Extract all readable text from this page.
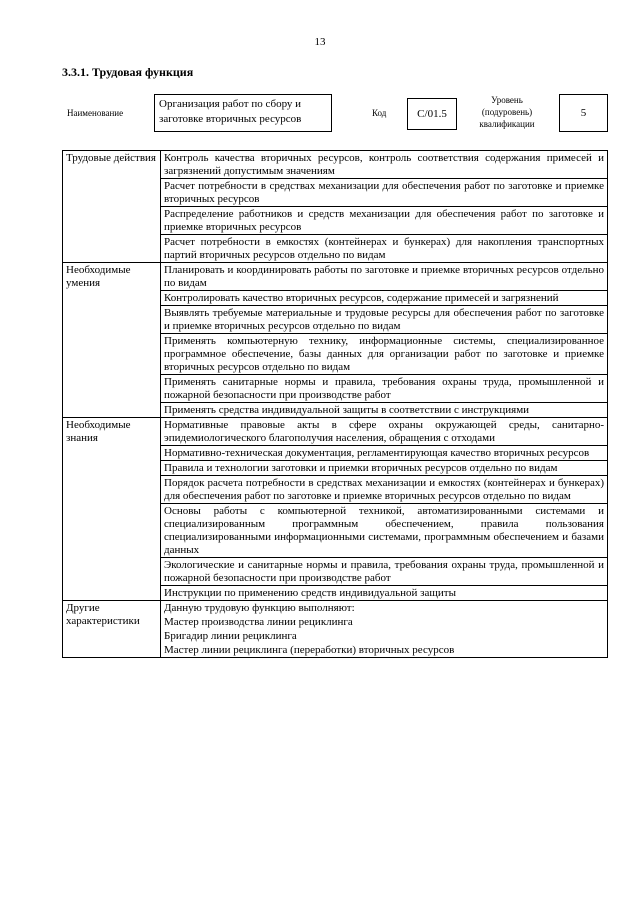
13
3.3.1. Трудовая функция
Наименование
Организация работ по сбору и заготовке вторичных ресурсов	Код	С/01.5
Уровень
(подуровень)
квалификации
5
Трудовые действия	Контроль качества вторичных ресурсов, контроль соответствия содержания примесей и загрязнений допустимым значениям
	Расчет потребности в средствах механизации для обеспечения работ по заготовке и приемке вторичных ресурсов
	Распределение работников и средств механизации для обеспечения работ по заготовке и приемке вторичных ресурсов
	Расчет потребности в емкостях (контейнерах и бункерах) для накопления транспортных партий вторичных ресурсов отдельно по видам
Необходимые умения	Планировать и координировать работы по заготовке и приемке вторичных ресурсов отдельно по видам
	Контролировать качество вторичных ресурсов, содержание примесей и загрязнений
	Выявлять требуемые материальные и трудовые ресурсы для обеспечения работ по заготовке и приемке вторичных ресурсов отдельно по видам
	Применять компьютерную технику, информационные системы, специализированное программное обеспечение, базы данных для организации работ по заготовке и приемке вторичных ресурсов отдельно по видам
	Применять санитарные нормы и правила, требования охраны труда, промышленной и пожарной безопасности при производстве работ
	Применять средства индивидуальной защиты в соответствии с инструкциями
Необходимые знания	Нормативные правовые акты в сфере охраны окружающей среды, санитарно-эпидемиологического благополучия населения, обращения с отходами
	Нормативно-техническая документация, регламентирующая качество вторичных ресурсов
	Правила и технологии заготовки и приемки вторичных ресурсов отдельно по видам
	Порядок расчета потребности в средствах механизации и емкостях (контейнерах и бункерах) для обеспечения работ по заготовке и приемке вторичных ресурсов отдельно по видам
	Основы работы с компьютерной техникой, автоматизированными системами и специализированным программным обеспечением, правила пользования специализированными информационными системами, программным обеспечением и базами данных
	Экологические и санитарные нормы и правила, требования охраны труда, промышленной и пожарной безопасности при производстве работ
	Инструкции по применению средств индивидуальной защиты
Другие характеристики	Данную трудовую функцию выполняют:
	Мастер производства линии рециклинга
	Бригадир линии рециклинга
	Мастер линии рециклинга (переработки) вторичных ресурсов
